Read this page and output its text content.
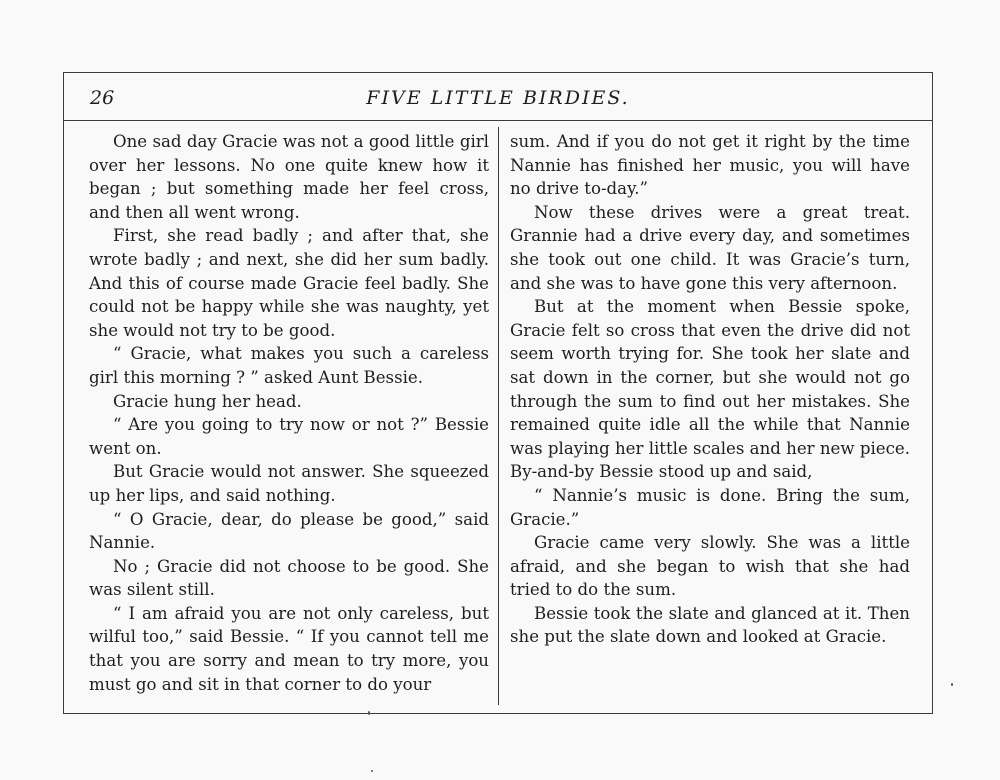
26	FIVE LITTLE BIRDIES.

One sad day Gracie was not a good little girl over her lessons. No one quite knew how it began ; but something made her feel cross, and then all went wrong.

First, she read badly ; and after that, she wrote badly ; and next, she did her sum badly. And this of course made Gracie feel badly. She could not be happy while she was naughty, yet she would not try to be good.

“ Gracie, what makes you such a careless girl this morning ? ” asked Aunt Bessie.

Gracie hung her head.

“ Are you going to try now or not ?” Bessie went on.

But Gracie would not answer. She squeezed up her lips, and said nothing.

“ O Gracie, dear, do please be good,” said Nannie.

No ; Gracie did not choose to be good. She was silent still.

“ I am afraid you are not only careless, but wilful too,” said Bessie. “ If you cannot tell me that you are sorry and mean to try more, you must go and sit in that corner to do your

sum. And if you do not get it right by the time Nannie has finished her music, you will have no drive to-day.”

Now these drives were a great treat. Grannie had a drive every day, and sometimes she took out one child. It was Gracie’s turn, and she was to have gone this very afternoon.

But at the moment when Bessie spoke, Gracie felt so cross that even the drive did not seem worth trying for. She took her slate and sat down in the corner, but she would not go through the sum to find out her mistakes. She remained quite idle all the while that Nannie was playing her little scales and her new piece. By-and-by Bessie stood up and said,

“ Nannie’s music is done. Bring the sum, Gracie.”

Gracie came very slowly. She was a little afraid, and she began to wish that she had tried to do the sum.

Bessie took the slate and glanced at it. Then she put the slate down and looked at Gracie.
